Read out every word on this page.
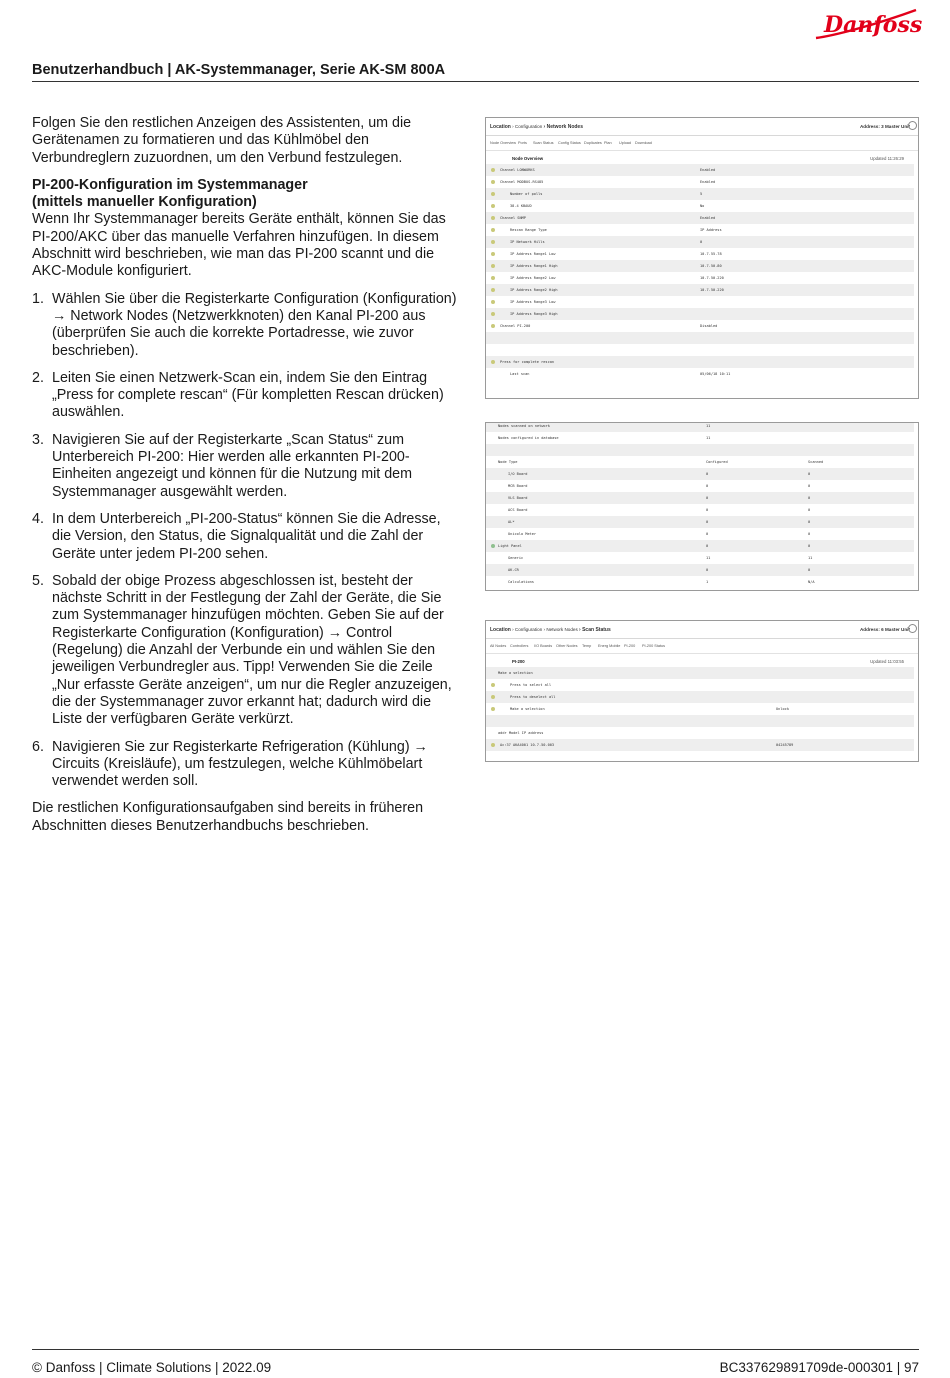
Danfoss
Benutzerhandbuch | AK-Systemmanager, Serie AK-SM 800A

Folgen Sie den restlichen Anzeigen des Assistenten, um die Gerätenamen zu formatieren und das Kühlmöbel den Verbundreglern zuzuordnen, um den Verbund festzulegen.

PI-200-Konfiguration im Systemmanager
(mittels manueller Konfiguration)

Wenn Ihr Systemmanager bereits Geräte enthält, können Sie das PI-200/AKC über das manuelle Verfahren hinzufügen. In diesem Abschnitt wird beschrieben, wie man das PI-200 scannt und die AKC-Module konfiguriert.

1. Wählen Sie über die Registerkarte Configuration (Konfiguration) → Network Nodes (Netzwerkknoten) den Kanal PI-200 aus (überprüfen Sie auch die korrekte Portadresse, wie zuvor beschrieben).
2. Leiten Sie einen Netzwerk-Scan ein, indem Sie den Eintrag „Press for complete rescan“ (Für kompletten Rescan drücken) auswählen.
3. Navigieren Sie auf der Registerkarte „Scan Status“ zum Unterbereich PI-200: Hier werden alle erkannten PI-200-Einheiten angezeigt und können für die Nutzung mit dem Systemmanager ausgewählt werden.
4. In dem Unterbereich „PI-200-Status“ können Sie die Adresse, die Version, den Status, die Signalqualität und die Zahl der Geräte unter jedem PI-200 sehen.
5. Sobald der obige Prozess abgeschlossen ist, besteht der nächste Schritt in der Festlegung der Zahl der Geräte, die Sie zum Systemmanager hinzufügen möchten. Geben Sie auf der Registerkarte Configuration (Konfiguration) → Control (Regelung) die Anzahl der Verbunde ein und wählen Sie den jeweiligen Verbundregler aus. Tipp! Verwenden Sie die Zeile „Nur erfasste Geräte anzeigen“, um nur die Regler anzuzeigen, die der Systemmanager zuvor erkannt hat; dadurch wird die Liste der verfügbaren Geräte verkürzt.
6. Navigieren Sie zur Registerkarte Refrigeration (Kühlung) → Circuits (Kreisläufe), um festzulegen, welche Kühlmöbelart verwendet werden soll.

Die restlichen Konfigurationsaufgaben sind bereits in früheren Abschnitten dieses Benutzerhandbuchs beschrieben.

Location › Configuration › Network Nodes	Address: 3 Master Unit
Node Overview Ports Scan Status Config Status Duplicates Plan Upload Download
Node Overview	Updated 11:26:29
Channel LONWORKS	Enabled
Channel MODBUS-RS485	Enabled
Number of polls	5
38.4 KBAUD	No
Channel SNMP	Enabled
Rescan Range Type	IP Address
IP Network Hills	0
IP Address Range1 Low	10.7.55.78
IP Address Range1 High	10.7.50.80
IP Address Range2 Low	10.7.50.220
IP Address Range2 High	10.7.50.220
IP Address Range3 Low
IP Address Range3 High
Channel PI-200	Disabled
Press for complete rescan
Last scan	05/06/18 10:11
Nodes scanned on network	11
Nodes configured in database	11
Node Type	Configured	Scanned
I/O Board	0	0
MCB Board	0	0
VLS Board	0	0
ACS Board	0	0
AL*	0	0
Unicolo Meter	0	0
Light Panel	0	0
Generic	11	11
AK-CR	0	0
Calculations	1	N/A
Location › Configuration › Network Nodes › Scan Status	Address: 6 Master Unit
All Nodes Controllers I/O Boards Other Nodes Temp Energ Mobile PI-200 PI-200 Status
PI-200	Updated 11:03:55
Make a selection
Press to select all
Press to deselect all
Make a selection	Unlock
addr Model IP address
Ac:37 AKA4001 10.7.50.003	04245789
© Danfoss | Climate Solutions | 2022.09	BC337629891709de-000301 | 97
